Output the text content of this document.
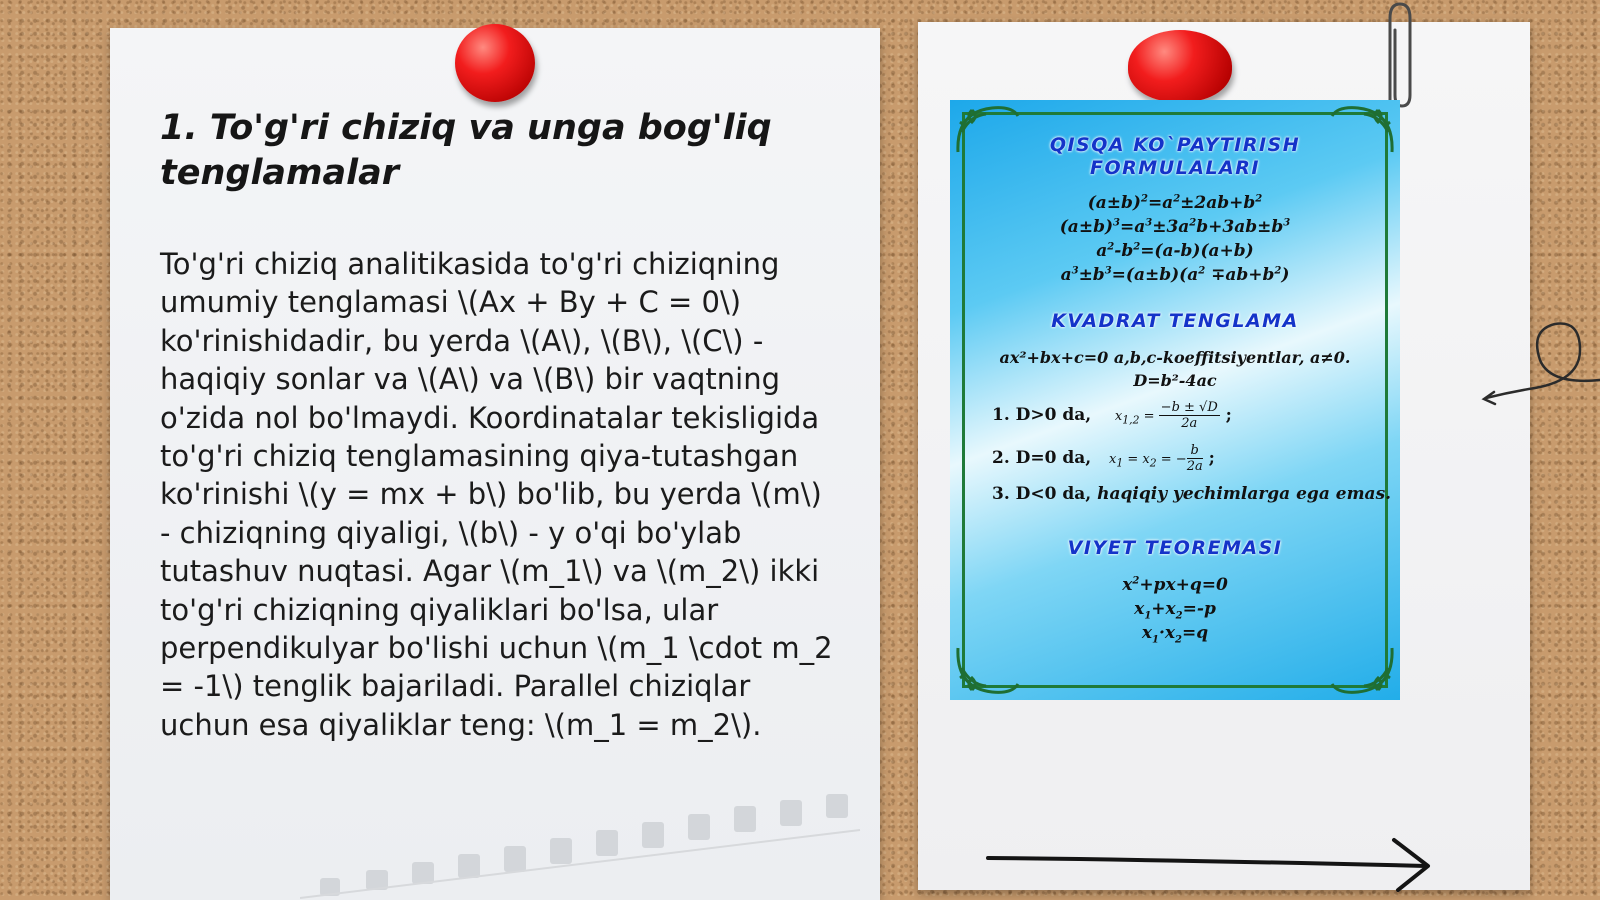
1. To'g'ri chiziq va unga bog'liq tenglamalar

To'g'ri chiziq analitikasida to'g'ri chiziqning umumiy tenglamasi \(Ax + By + C = 0\) ko'rinishidadir, bu yerda \(A\), \(B\), \(C\) - haqiqiy sonlar va \(A\) va \(B\) bir vaqtning o'zida nol bo'lmaydi. Koordinatalar tekisligida to'g'ri chiziq tenglamasining qiya-tutashgan ko'rinishi \(y = mx + b\) bo'lib, bu yerda \(m\) - chiziqning qiyaligi, \(b\) - y o'qi bo'ylab tutashuv nuqtasi. Agar \(m_1\) va \(m_2\) ikki to'g'ri chiziqning qiyaliklari bo'lsa, ular perpendikulyar bo'lishi uchun \(m_1 \cdot m_2 = -1\) tenglik bajariladi. Parallel chiziqlar uchun esa qiyaliklar teng: \(m_1 = m_2\).

QISQA KO`PAYTIRISH
FORMULALARI
$(a\pm b)^2=a^2\pm 2ab+b^2$
$(a\pm b)^3=a^3\pm 3a^2b+3ab\pm b^3$
$a^2-b^2=(a-b)(a+b)$
$a^3\pm b^3=(a\pm b)(a^2 \mp ab+b^2)$
KVADRAT TENGLAMA
ax²+bx+c=0 a,b,c-koeffitsiyentlar, a≠0.
D=b²-4ac
1. D>0 da, $x_{1,2} = \frac{-b \pm √D}{2a}$ ;
2. D=0 da, $x_1 = x_2$ = − $\frac{b}{2a}$ ;
3. D<0 da, haqiqiy yechimlarga ega emas.
VIYET TEOREMASI
$x^2+px+q=0$
$x_1+x_2=-p$
$x_1\cdot x_2=q$
